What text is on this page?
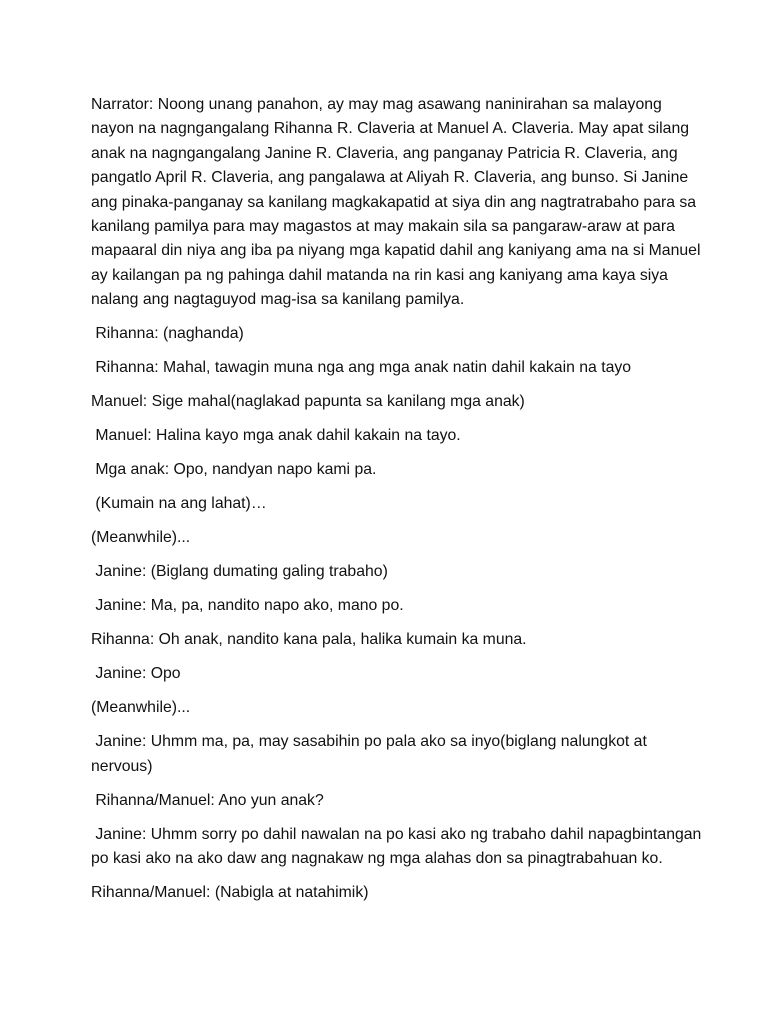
Narrator: Noong unang panahon, ay may mag asawang naninirahan sa malayong nayon na nagngangalang Rihanna R. Claveria at Manuel A. Claveria. May apat silang anak na nagngangalang Janine R. Claveria, ang panganay Patricia R. Claveria, ang pangatlo April R. Claveria, ang pangalawa at Aliyah R. Claveria, ang bunso. Si Janine ang pinaka-panganay sa kanilang magkakapatid at siya din ang nagtratrabaho para sa kanilang pamilya para may magastos at may makain sila sa pangaraw-araw at para mapaaral din niya ang iba pa niyang mga kapatid dahil ang kaniyang ama na si Manuel ay kailangan pa ng pahinga dahil matanda na rin kasi ang kaniyang ama kaya siya nalang ang nagtaguyod mag-isa sa kanilang pamilya.

Rihanna: (naghanda)

Rihanna: Mahal, tawagin muna nga ang mga anak natin dahil kakain na tayo

Manuel: Sige mahal(naglakad papunta sa kanilang mga anak)

Manuel: Halina kayo mga anak dahil kakain na tayo.

Mga anak: Opo, nandyan napo kami pa.

(Kumain na ang lahat)…

(Meanwhile)...

Janine: (Biglang dumating galing trabaho)

Janine: Ma, pa, nandito napo ako, mano po.

Rihanna: Oh anak, nandito kana pala, halika kumain ka muna.

Janine: Opo

(Meanwhile)...

Janine: Uhmm ma, pa, may sasabihin po pala ako sa inyo(biglang nalungkot at nervous)

Rihanna/Manuel: Ano yun anak?

Janine: Uhmm sorry po dahil nawalan na po kasi ako ng trabaho dahil napagbintangan po kasi ako na ako daw ang nagnakaw ng mga alahas don sa pinagtrabahuan ko.

Rihanna/Manuel: (Nabigla at natahimik)
